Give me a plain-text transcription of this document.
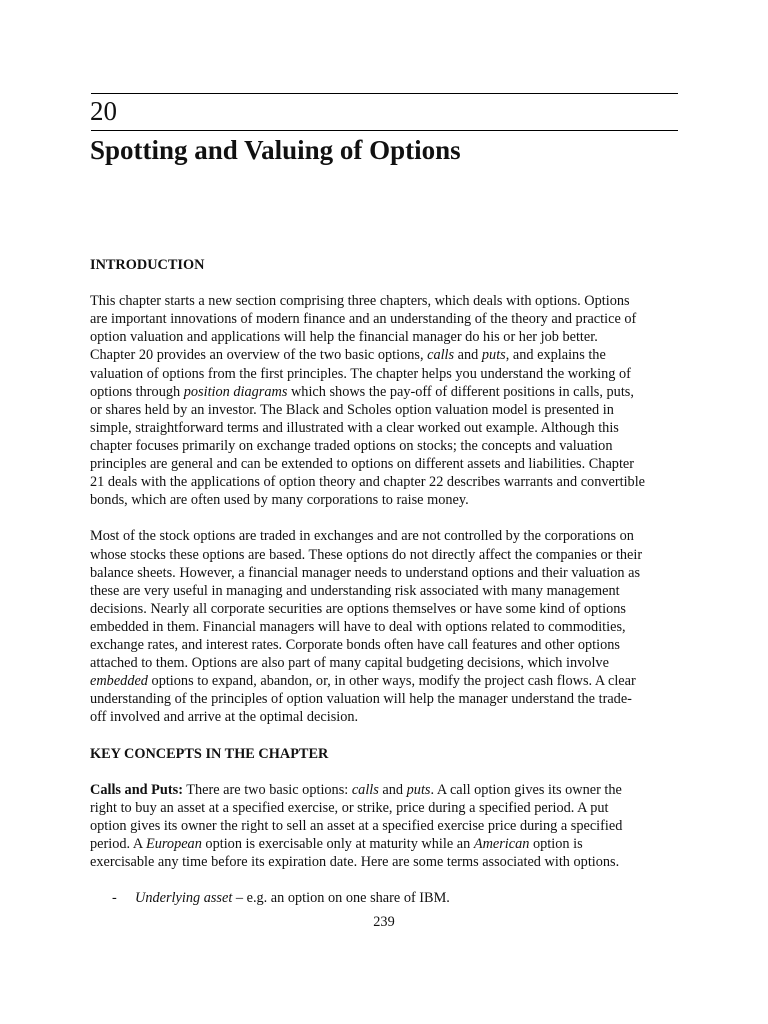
20
Spotting and Valuing of Options

INTRODUCTION

This chapter starts a new section comprising three chapters, which deals with options. Options
are important innovations of modern finance and an understanding of the theory and practice of
option valuation and applications will help the financial manager do his or her job better.
Chapter 20 provides an overview of the two basic options, calls and puts, and explains the
valuation of options from the first principles. The chapter helps you understand the working of
options through position diagrams which shows the pay-off of different positions in calls, puts,
or shares held by an investor. The Black and Scholes option valuation model is presented in
simple, straightforward terms and illustrated with a clear worked out example. Although this
chapter focuses primarily on exchange traded options on stocks; the concepts and valuation
principles are general and can be extended to options on different assets and liabilities. Chapter
21 deals with the applications of option theory and chapter 22 describes warrants and convertible
bonds, which are often used by many corporations to raise money.
Most of the stock options are traded in exchanges and are not controlled by the corporations on
whose stocks these options are based. These options do not directly affect the companies or their
balance sheets. However, a financial manager needs to understand options and their valuation as
these are very useful in managing and understanding risk associated with many management
decisions. Nearly all corporate securities are options themselves or have some kind of options
embedded in them. Financial managers will have to deal with options related to commodities,
exchange rates, and interest rates. Corporate bonds often have call features and other options
attached to them. Options are also part of many capital budgeting decisions, which involve
embedded options to expand, abandon, or, in other ways, modify the project cash flows. A clear
understanding of the principles of option valuation will help the manager understand the trade-
off involved and arrive at the optimal decision.

KEY CONCEPTS IN THE CHAPTER

Calls and Puts: There are two basic options: calls and puts. A call option gives its owner the
right to buy an asset at a specified exercise, or strike, price during a specified period. A put
option gives its owner the right to sell an asset at a specified exercise price during a specified
period. A European option is exercisable only at maturity while an American option is
exercisable any time before its expiration date. Here are some terms associated with options.
- Underlying asset – e.g. an option on one share of IBM.
239
